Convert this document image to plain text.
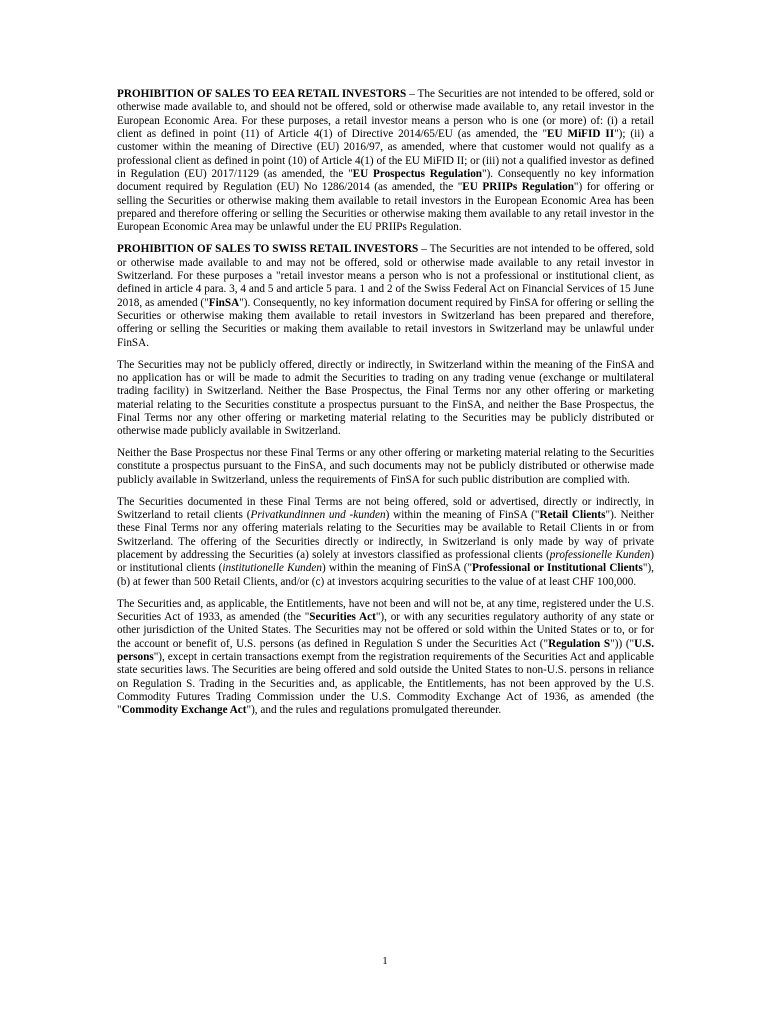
PROHIBITION OF SALES TO EEA RETAIL INVESTORS – The Securities are not intended to be offered, sold or otherwise made available to, and should not be offered, sold or otherwise made available to, any retail investor in the European Economic Area. For these purposes, a retail investor means a person who is one (or more) of: (i) a retail client as defined in point (11) of Article 4(1) of Directive 2014/65/EU (as amended, the "EU MiFID II"); (ii) a customer within the meaning of Directive (EU) 2016/97, as amended, where that customer would not qualify as a professional client as defined in point (10) of Article 4(1) of the EU MiFID II; or (iii) not a qualified investor as defined in Regulation (EU) 2017/1129 (as amended, the "EU Prospectus Regulation"). Consequently no key information document required by Regulation (EU) No 1286/2014 (as amended, the "EU PRIIPs Regulation") for offering or selling the Securities or otherwise making them available to retail investors in the European Economic Area has been prepared and therefore offering or selling the Securities or otherwise making them available to any retail investor in the European Economic Area may be unlawful under the EU PRIIPs Regulation.

PROHIBITION OF SALES TO SWISS RETAIL INVESTORS – The Securities are not intended to be offered, sold or otherwise made available to and may not be offered, sold or otherwise made available to any retail investor in Switzerland. For these purposes a "retail investor means a person who is not a professional or institutional client, as defined in article 4 para. 3, 4 and 5 and article 5 para. 1 and 2 of the Swiss Federal Act on Financial Services of 15 June 2018, as amended ("FinSA"). Consequently, no key information document required by FinSA for offering or selling the Securities or otherwise making them available to retail investors in Switzerland has been prepared and therefore, offering or selling the Securities or making them available to retail investors in Switzerland may be unlawful under FinSA.

The Securities may not be publicly offered, directly or indirectly, in Switzerland within the meaning of the FinSA and no application has or will be made to admit the Securities to trading on any trading venue (exchange or multilateral trading facility) in Switzerland. Neither the Base Prospectus, the Final Terms nor any other offering or marketing material relating to the Securities constitute a prospectus pursuant to the FinSA, and neither the Base Prospectus, the Final Terms nor any other offering or marketing material relating to the Securities may be publicly distributed or otherwise made publicly available in Switzerland.

Neither the Base Prospectus nor these Final Terms or any other offering or marketing material relating to the Securities constitute a prospectus pursuant to the FinSA, and such documents may not be publicly distributed or otherwise made publicly available in Switzerland, unless the requirements of FinSA for such public distribution are complied with.

The Securities documented in these Final Terms are not being offered, sold or advertised, directly or indirectly, in Switzerland to retail clients (Privatkundinnen und -kunden) within the meaning of FinSA ("Retail Clients"). Neither these Final Terms nor any offering materials relating to the Securities may be available to Retail Clients in or from Switzerland. The offering of the Securities directly or indirectly, in Switzerland is only made by way of private placement by addressing the Securities (a) solely at investors classified as professional clients (professionelle Kunden) or institutional clients (institutionelle Kunden) within the meaning of FinSA ("Professional or Institutional Clients"), (b) at fewer than 500 Retail Clients, and/or (c) at investors acquiring securities to the value of at least CHF 100,000.

The Securities and, as applicable, the Entitlements, have not been and will not be, at any time, registered under the U.S. Securities Act of 1933, as amended (the "Securities Act"), or with any securities regulatory authority of any state or other jurisdiction of the United States. The Securities may not be offered or sold within the United States or to, or for the account or benefit of, U.S. persons (as defined in Regulation S under the Securities Act ("Regulation S")) ("U.S. persons"), except in certain transactions exempt from the registration requirements of the Securities Act and applicable state securities laws. The Securities are being offered and sold outside the United States to non-U.S. persons in reliance on Regulation S. Trading in the Securities and, as applicable, the Entitlements, has not been approved by the U.S. Commodity Futures Trading Commission under the U.S. Commodity Exchange Act of 1936, as amended (the "Commodity Exchange Act"), and the rules and regulations promulgated thereunder.

1
